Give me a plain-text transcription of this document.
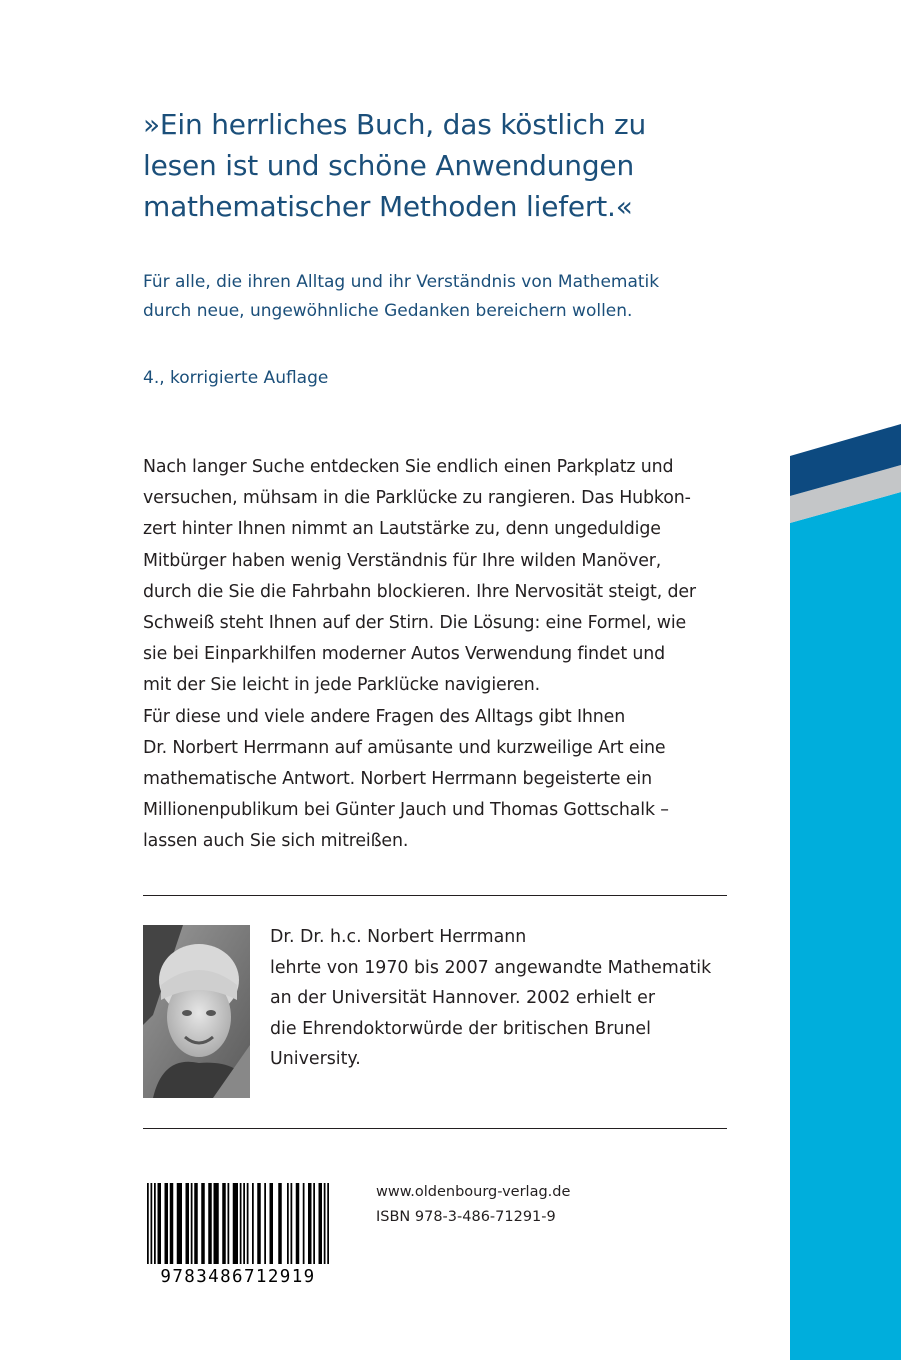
»Ein herrliches Buch, das köstlich zu
lesen ist und schöne Anwendungen
mathematischer Methoden liefert.«

Für alle, die ihren Alltag und ihr Verständnis von Mathematik
durch neue, ungewöhnliche Gedanken bereichern wollen.

4., korrigierte Auflage

Nach langer Suche entdecken Sie endlich einen Parkplatz und
versuchen, mühsam in die Parklücke zu rangieren. Das Hubkon-
zert hinter Ihnen nimmt an Lautstärke zu, denn ungeduldige
Mitbürger haben wenig Verständnis für Ihre wilden Manöver,
durch die Sie die Fahrbahn blockieren. Ihre Nervosität steigt, der
Schweiß steht Ihnen auf der Stirn. Die Lösung: eine Formel, wie
sie bei Einparkhilfen moderner Autos Verwendung findet und
mit der Sie leicht in jede Parklücke navigieren.
Für diese und viele andere Fragen des Alltags gibt Ihnen
Dr. Norbert Herrmann auf amüsante und kurzweilige Art eine
mathematische Antwort. Norbert Herrmann begeisterte ein
Millionenpublikum bei Günter Jauch und Thomas Gottschalk –
lassen auch Sie sich mitreißen.
Dr. Dr. h.c. Norbert Herrmann
lehrte von 1970 bis 2007 angewandte Mathematik
an der Universität Hannover. 2002 erhielt er
die Ehrendoktorwürde der britischen Brunel
University.
9783486712919
www.oldenbourg-verlag.de
ISBN 978-3-486-71291-9
